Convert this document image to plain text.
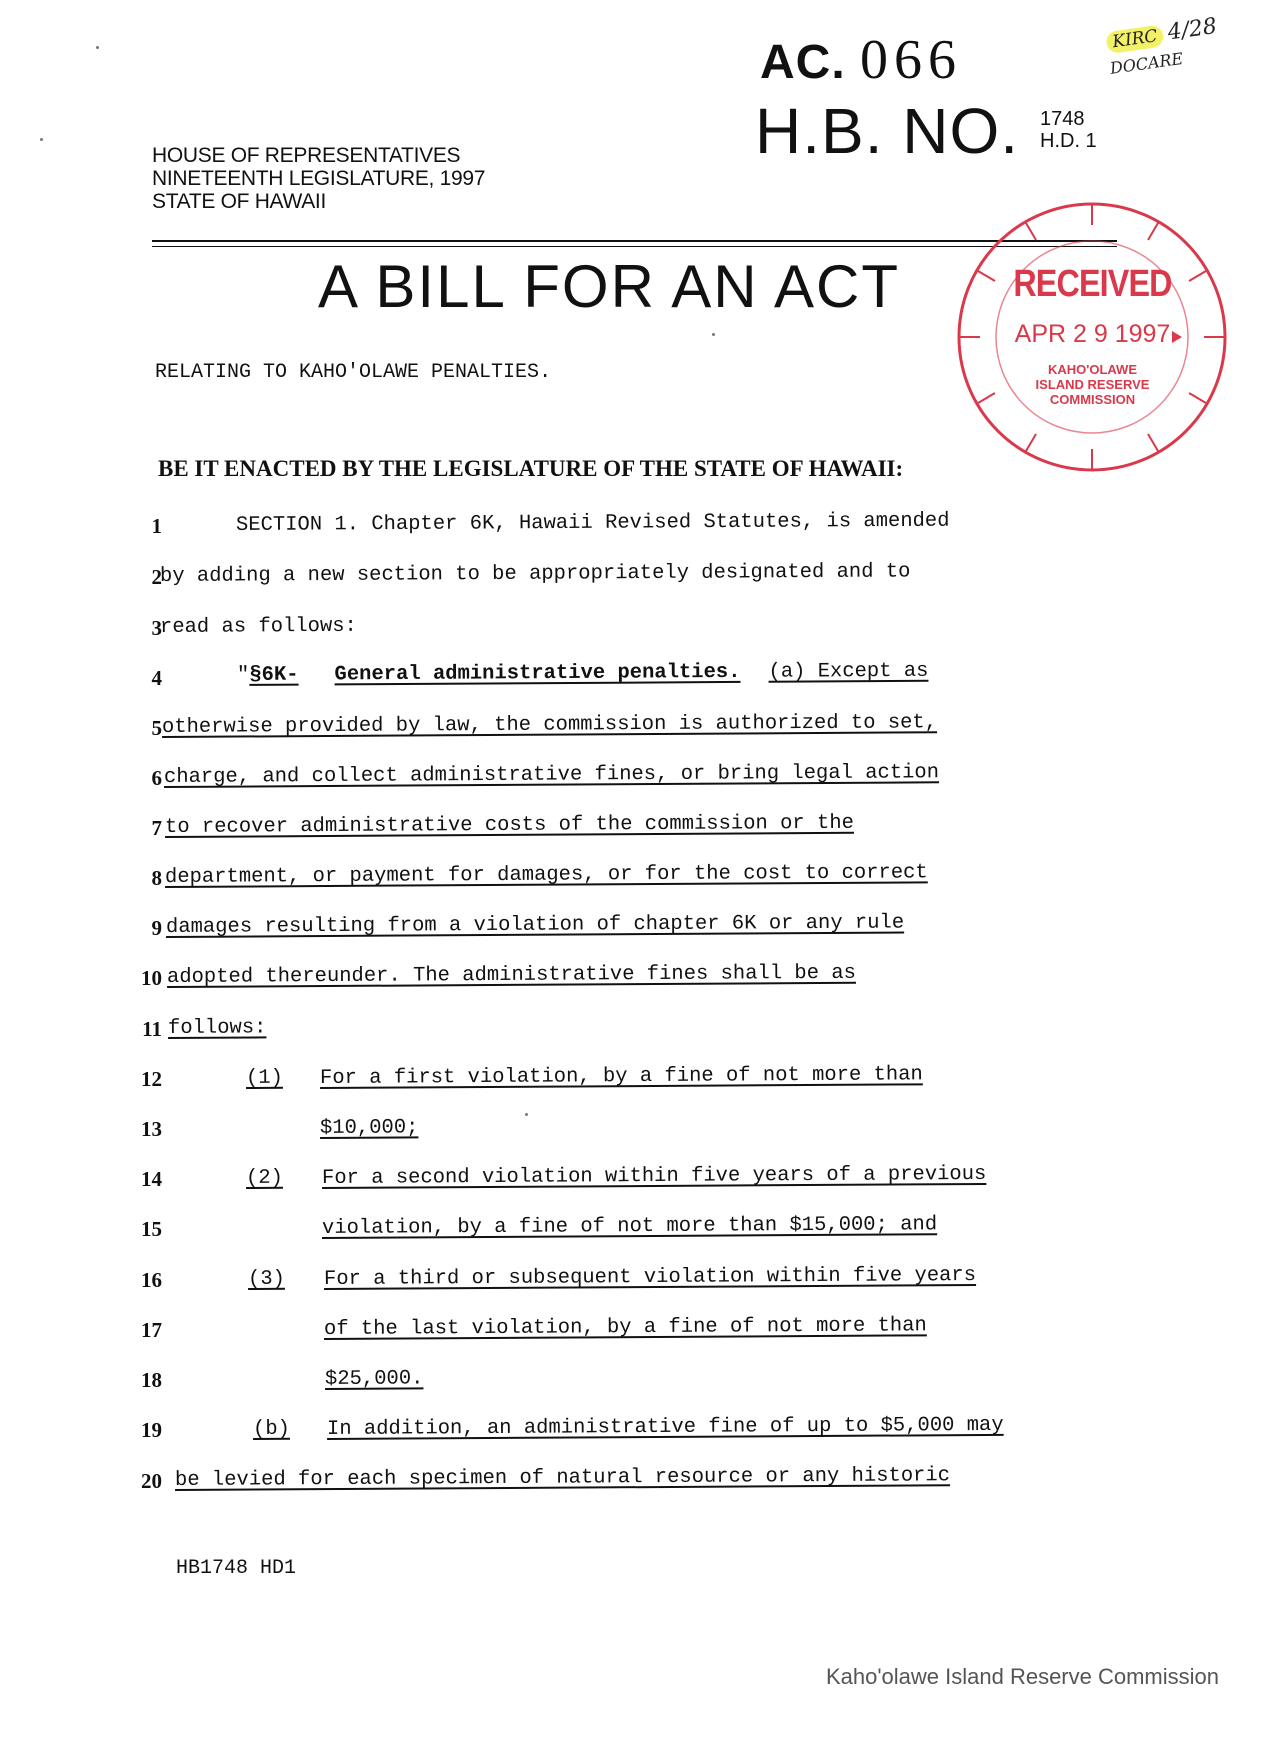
HOUSE OF REPRESENTATIVES
NINETEENTH LEGISLATURE, 1997
STATE OF HAWAII
AC. 066
H.B. NO. 1748
H.D. 1
KIRC 4/28
DOCARE
A BILL FOR AN ACT	RECEIVED
APR 2 9 1997
KAHO'OLAWE
ISLAND RESERVE
COMMISSION
RELATING TO KAHO'OLAWE PENALTIES.
BE IT ENACTED BY THE LEGISLATURE OF THE STATE OF HAWAII:
1	SECTION 1. Chapter 6K, Hawaii Revised Statutes, is amended
2
by adding a new section to be appropriately designated and to
3
read as follows:
4	"§6K- General administrative penalties. (a) Except as
5 otherwise provided by law, the commission is authorized to set,
6 charge, and collect administrative fines, or bring legal action
7 to recover administrative costs of the commission or the
8 department, or payment for damages, or for the cost to correct
9 damages resulting from a violation of chapter 6K or any rule
10 adopted thereunder. The administrative fines shall be as
11 follows:
12	(1) For a first violation, by a fine of not more than
13	$10,000;
14	(2) For a second violation within five years of a previous
15	violation, by a fine of not more than $15,000; and
16	(3) For a third or subsequent violation within five years
17	of the last violation, by a fine of not more than
18	$25,000.
19	(b) In addition, an administrative fine of up to $5,000 may
20 be levied for each specimen of natural resource or any historic
HB1748 HD1
Kaho'olawe Island Reserve Commission
